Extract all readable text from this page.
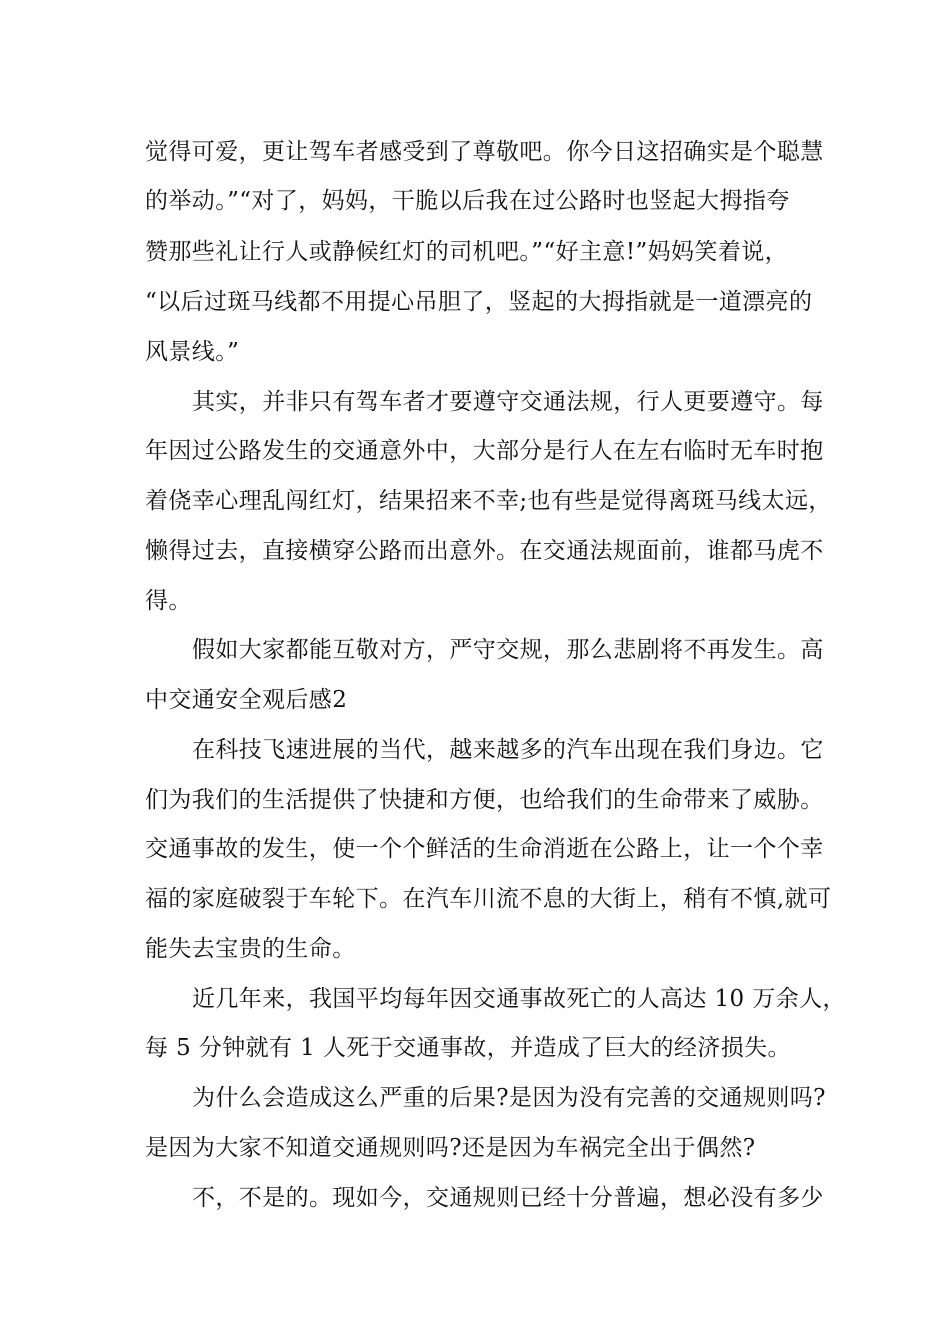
觉得可爱，更让驾车者感受到了尊敬吧。你今日这招确实是个聪慧
的举动。”“对了，妈妈，干脆以后我在过公路时也竖起大拇指夸
赞那些礼让行人或静候红灯的司机吧。”“好主意!”妈妈笑着说，
“以后过斑马线都不用提心吊胆了，竖起的大拇指就是一道漂亮的
风景线。”
其实，并非只有驾车者才要遵守交通法规，行人更要遵守。每
年因过公路发生的交通意外中，大部分是行人在左右临时无车时抱
着侥幸心理乱闯红灯，结果招来不幸;也有些是觉得离斑马线太远，
懒得过去，直接横穿公路而出意外。在交通法规面前，谁都马虎不
得。
假如大家都能互敬对方，严守交规，那么悲剧将不再发生。高
中交通安全观后感2
在科技飞速进展的当代，越来越多的汽车出现在我们身边。它
们为我们的生活提供了快捷和方便，也给我们的生命带来了威胁。
交通事故的发生，使一个个鲜活的生命消逝在公路上，让一个个幸
福的家庭破裂于车轮下。在汽车川流不息的大街上，稍有不慎,就可
能失去宝贵的生命。
近几年来，我国平均每年因交通事故死亡的人高达 10 万余人，
每 5 分钟就有 1 人死于交通事故，并造成了巨大的经济损失。
为什么会造成这么严重的后果?是因为没有完善的交通规则吗?
是因为大家不知道交通规则吗?还是因为车祸完全出于偶然?
不，不是的。现如今，交通规则已经十分普遍，想必没有多少
